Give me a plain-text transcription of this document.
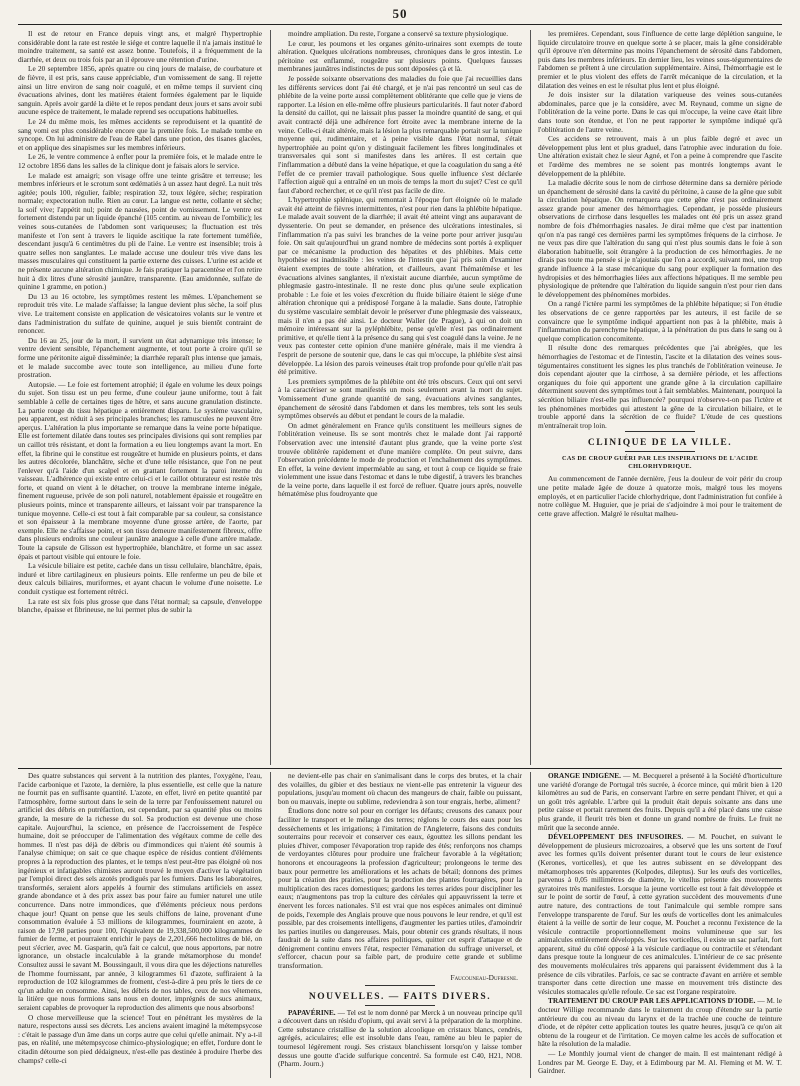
50

Il est de retour en France depuis vingt ans, et malgré l'hypertrophie considérable dont la rate est restée le siége et contre laquelle il n'a jamais institué le moindre traitement, sa santé est assez bonne. Toutefois, il a fréquemment de la diarrhée, et deux ou trois fois par an il éprouve une rétention d'urine.

Le 20 septembre 1856, après quatre ou cinq jours de malaise, de courbature et de fièvre, il est pris, sans cause appréciable, d'un vomissement de sang. Il rejette ainsi un litre environ de sang noir coagulé, et en même temps il survient cinq évacuations alvines, dont les matières étaient formées également par le liquide sanguin. Après avoir gardé la diète et le repos pendant deux jours et sans avoir subi aucune espèce de traitement, le malade reprend ses occupations habituelles.

Le 24 du même mois, les mêmes accidents se reproduisent et la quantité de sang vomi est plus considérable encore que la première fois. Le malade tombe en syncope. On lui administre de l'eau de Rabel dans une potion, des tisanes glacées, et on applique des sinapismes sur les membres inférieurs.

Le 26, le ventre commence à enfler pour la première fois, et le malade entre le 12 octobre 1856 dans les salles de la clinique dont je faisais alors le service.

Le malade est amaigri; son visage offre une teinte grisâtre et terreuse; les membres inférieurs et le scrotum sont œdématiés à un assez haut degré. La nuit très agitée; pouls 100, régulier, faible; respiration 32, toux légère, sèche; respiration normale; expectoration nulle. Rien au cœur. La langue est nette, collante et sèche; la soif vive; l'appétit nul; point de nausées, point de vomissement. Le ventre est fortement distendu par un liquide épanché (105 centim. au niveau de l'ombilic); les veines sous-cutanées de l'abdomen sont variqueuses; la fluctuation est très manifeste et l'on sent à travers le liquide ascitique la rate fortement tuméfiée, descendant jusqu'à 6 centimètres du pli de l'aine. Le ventre est insensible; trois à quatre selles non sanglantes. Le malade accuse une douleur très vive dans les masses musculaires qui constituent la partie externe des cuisses. L'urine est acide et ne présente aucune altération chimique. Je fais pratiquer la paracentèse et l'on retire huit à dix litres d'une sérosité jaunâtre, transparente. (Eau amidonnée, sulfate de quinine 1 gramme, en potion.)

Du 13 au 16 octobre, les symptômes restent les mêmes. L'épanchement se reproduit très vite. Le malade s'affaisse; la langue devient plus sèche, la soif plus vive. Le traitement consiste en application de vésicatoires volants sur le ventre et dans l'administration du sulfate de quinine, auquel je suis bientôt contraint de renoncer.

Du 16 au 25, jour de la mort, il survient un état adynamique très intense; le ventre devient sensible, l'épanchement augmente, et tout porte à croire qu'il se forme une péritonite aiguë disséminée; la diarrhée reparaît plus intense que jamais, et le malade succombe avec toute son intelligence, au milieu d'une forte prostration.

Autopsie. — Le foie est fortement atrophié; il égale en volume les deux poings du sujet. Son tissu est un peu ferme, d'une couleur jaune uniforme, tout à fait semblable à celle de certaines tiges de hêtre, et sans aucune granulation distincte. La partie rouge du tissu hépatique a entièrement disparu. Le système vasculaire, peu apparent, est réduit à ses principales branches; les ramuscules ne peuvent être aperçus. L'altération la plus importante se remarque dans la veine porte hépatique. Elle est fortement dilatée dans toutes ses principales divisions qui sont remplies par un caillot très résistant, et dont la formation a eu lieu longtemps avant la mort. En effet, la fibrine qui le constitue est rougeâtre et humide en plusieurs points, et dans les autres décolorée, blanchâtre, sèche et d'une telle résistance, que l'on ne peut l'enlever qu'à l'aide d'un scalpel et en grattant fortement la paroi interne du vaisseau. L'adhérence qui existe entre celui-ci et le caillot obturateur est restée très forte, et quand on vient à le détacher, on trouve la membrane interne inégale, finement rugueuse, privée de son poli naturel, notablement épaissie et rougeâtre en plusieurs points, mince et transparente ailleurs, et laissant voir par transparence la tunique moyenne. Celle-ci est tout à fait comparable par sa couleur, sa consistance et son épaisseur à la membrane moyenne d'une grosse artère, de l'aorte, par exemple. Elle ne s'affaisse point, et son tissu demeure manifestement fibreux, offre dans plusieurs endroits une couleur jaunâtre analogue à celle d'une artère malade. Toute la capsule de Glisson est hypertrophiée, blanchâtre, et forme un sac assez épais et partout visible qui entoure le foie.

La vésicule biliaire est petite, cachée dans un tissu cellulaire, blanchâtre, épais, induré et libre cartilagineux en plusieurs points. Elle renferme un peu de bile et deux calculs biliaires, muriformes, et ayant chacun le volume d'une noisette. Le conduit cystique est fortement rétréci.

La rate est six fois plus grosse que dans l'état normal; sa capsule, d'enveloppe blanche, épaisse et fibrineuse, ne lui permet plus de subir la

moindre ampliation. Du reste, l'organe a conservé sa texture physiologique.

Le cœur, les poumons et les organes génito-urinaires sont exempts de toute altération. Quelques ulcérations nombreuses, chroniques dans le gros intestin. Le péritoine est enflammé, rougeâtre sur plusieurs points. Quelques fausses membranes jaunâtres indistinctes de pus sont déposées çà et là.

Je possède soixante observations des maladies du foie que j'ai recueillies dans les différents services dont j'ai été chargé, et je n'ai pas rencontré un seul cas de phlébite de la veine porte aussi complètement oblitérante que celle que je viens de rapporter. La lésion en elle-même offre plusieurs particularités. Il faut noter d'abord la densité du caillot, qui ne laissait plus passer la moindre quantité de sang, et qui avait contracté déjà une adhérence fort étroite avec la membrane interne de la veine. Celle-ci était altérée, mais la lésion la plus remarquable portait sur la tunique moyenne qui, rudimentaire, et à peine visible dans l'état normal, s'était hypertrophiée au point qu'on y distinguait facilement les fibres longitudinales et transversales qui sont si manifestes dans les artères. Il est certain que l'inflammation a débuté dans la veine hépatique, et que la coagulation du sang a été l'effet de ce premier travail pathologique. Sous quelle influence s'est déclarée l'affection aiguë qui a entraîné en un mois de temps la mort du sujet? C'est ce qu'il faut d'abord rechercher, et ce qu'il n'est pas facile de dire.

L'hypertrophie splénique, qui remontait à l'époque fort éloignée où le malade avait été atteint de fièvres intermittentes, n'est pour rien dans la phlébite hépatique. Le malade avait souvent de la diarrhée; il avait été atteint vingt ans auparavant de dyssenterie. On peut se demander, en présence des ulcérations intestinales, si l'inflammation n'a pas suivi les branches de la veine porte pour arriver jusqu'au foie. On sait qu'aujourd'hui un grand nombre de médecins sont portés à expliquer par ce mécanisme la production des hépatites et des phlébites. Mais cette hypothèse est inadmissible : les veines de l'intestin que j'ai pris soin d'examiner étaient exemptes de toute altération, et d'ailleurs, avant l'hématémèse et les évacuations alvines sanglantes, il n'existait aucune diarrhée, aucun symptôme de phlegmasie gastro-intestinale. Il ne reste donc plus qu'une seule explication probable : Le foie et les voies d'excrétion du fluide biliaire étaient le siége d'une altération chronique qui a prédisposé l'organe à la maladie. Sans doute, l'atrophie du système vasculaire semblait devoir le préserver d'une phlegmasie des vaisseaux, mais il n'en a pas été ainsi. Le docteur Waller (de Prague), à qui on doit un mémoire intéressant sur la pyléphlébite, pense qu'elle n'est pas ordinairement primitive, et qu'elle tient à la présence du sang qui s'est coagulé dans la veine. Je ne veux pas contester cette opinion d'une manière générale, mais il me viendra à l'esprit de persone de soutenir que, dans le cas qui m'occupe, la phlébite s'est ainsi développée. La lésion des parois veineuses était trop profonde pour qu'elle n'ait pas été primitive.

Les premiers symptômes de la phlébite ont été très obscurs. Ceux qui ont servi à la caractériser se sont manifestés un mois seulement avant la mort du sujet. Vomissement d'une grande quantité de sang, évacuations alvines sanglantes, épanchement de sérosité dans l'abdomen et dans les membres, tels sont les seuls symptômes observés au début et pendant le cours de la maladie.

On admet généralement en France qu'ils constituent les meilleurs signes de l'oblitération veineuse. Ils se sont montrés chez le malade dont j'ai rapporté l'observation avec une intensité d'autant plus grande, que la veine porte s'est trouvée oblitérée rapidement et d'une manière complète. On peut suivre, dans l'observation précédente le mode de production et l'enchaînement des symptômes. En effet, la veine devient imperméable au sang, et tout à coup ce liquide se fraie violemment une issue dans l'estomac et dans le tube digestif, à travers les branches de la veine porte, dans laquelle il est forcé de refluer. Quatre jours après, nouvelle hématémèse plus foudroyante que

les premières. Cependant, sous l'influence de cette large déplétion sanguine, le liquide circulatoire trouve en quelque sorte à se placer, mais la gêne considérable qu'il éprouve n'en détermine pas moins l'épanchement de sérosité dans l'abdomen, puis dans les membres inférieurs. En dernier lieu, les veines sous-tégumentaires de l'abdomen se prêtent à une circulation supplémentaire. Ainsi, l'hémorrhagie est le premier et le plus violent des effets de l'arrêt mécanique de la circulation, et la dilatation des veines en est le résultat plus lent et plus éloigné.

Je dois insister sur la dilatation variqueuse des veines sous-cutanées abdominales, parce que je la considère, avec M. Reynaud, comme un signe de l'oblitération de la veine porte. Dans le cas qui m'occupe, la veine cave était libre dans toute son étendue, et l'on ne peut rapporter le symptôme indiqué qu'à l'oblitération de l'autre veine.

Ces accidens se retrouvent, mais à un plus faible degré et avec un développement plus lent et plus graduel, dans l'atrophie avec induration du foie. Une altération existait chez le sieur Agné, et l'on a peine à comprendre que l'ascite et l'œdème des membres ne se soient pas montrés longtemps avant le développement de la phlébite.

La maladie décrite sous le nom de cirrhose détermine dans sa dernière période un épanchement de sérosité dans la cavité du péritoine, à cause de la gêne que subit la circulation hépatique. On remarquera que cette gêne n'est pas ordinairement assez grande pour amener des hémorrhagies. Cependant, je possède plusieurs observations de cirrhose dans lesquelles les malades ont été pris un assez grand nombre de fois d'hémorrhagies nasales. Je dirai même que c'est par inattention qu'on n'a pas rangé ces dernières parmi les symptômes fréquens de la cirrhose. Je ne veux pas dire que l'altération du sang qui n'est plus soumis dans le foie à son élaboration habituelle, soit étrangère à la production de ces hémorrhagies. Je ne dirais pas toute ma pensée si je n'ajoutais que l'on a accordé, suivant moi, une trop grande influence à la stase mécanique du sang pour expliquer la formation des hydropisies et des hémorrhagies liées aux affections hépatiques. Il me semble peu physiologique de prétendre que l'altération du liquide sanguin n'est pour rien dans le développement des phénomènes morbides.

On a rangé l'ictère parmi les symptômes de la phlébite hépatique; si l'on étudie les observations de ce genre rapportées par les auteurs, il est facile de se convaincre que le symptôme indiqué appartient non pas à la phlébite, mais à l'inflammation du parenchyme hépatique, à la pénétration du pus dans le sang ou à quelque complication concomitente.

Il résulte donc des remarques précédentes que j'ai abrégées, que les hémorrhagies de l'estomac et de l'intestin, l'ascite et la dilatation des veines sous-tégumentaires constituent les signes les plus tranchés de l'oblitération veineuse. Je dois cependant ajouter que la cirrhose, à sa dernière période, et les affections organiques du foie qui apportent une grande gêne à la circulation capillaire déterminent souvent des symptômes tout à fait semblables. Maintenant, pourquoi la sécrétion biliaire n'est-elle pas influencée? pourquoi n'observe-t-on pas l'ictère et les phénomènes morbides qui attestent la gêne de la circulation biliaire, et le trouble apporté dans la sécrétion de ce fluide? L'étude de ces questions m'entraînerait trop loin.

CLINIQUE DE LA VILLE.
CAS DE CROUP GUÉRI PAR LES INSPIRATIONS DE L'ACIDE CHLORHYDRIQUE.

Au commencement de l'année dernière, j'eus la douleur de voir périr du croup une petite malade âgée de douze à quatorze mois, malgré tous les moyens employés, et en particulier l'acide chlorhydrique, dont l'administration fut confiée à notre collègue M. Huguier, que je priai de s'adjoindre à moi pour le traitement de cette grave affection. Malgré le résultat malheu-

Des quatre substances qui servent à la nutrition des plantes, l'oxygène, l'eau, l'acide carbonique et l'azote, la dernière, la plus essentielle, est celle que la nature ne fournit pas en suffisante quantité. L'azote, en effet, livré en petite quantité par l'atmosphère, forme surtout dans le sein de la terre par l'enfouissement naturel ou artificiel des débris en putréfaction, est cependant, par sa quantité plus ou moins grande, la mesure de la richesse du sol. Sa production est devenue une chose capitale. Aujourd'hui, la science, en présence de l'accroissement de l'espèce humaine, doit se préoccuper de l'alimentation des végétaux comme de celle des hommes. Il n'est pas déjà de débris ou d'immondices qui n'aient été soumis à l'analyse chimique; on sait ce que chaque espèce de résidus contient d'éléments propres à la reproduction des plantes, et le temps n'est peut-être pas éloigné où nos ingénieux et infatigables chimistes auront trouvé le moyen d'activer la végétation par l'emploi direct des sels azotés prodigués par les fumiers. Dans les laboratoires, transformés, seraient alors appelés à fournir des stimulans artificiels en assez grande abondance et à des prix assez bas pour faire au fumier naturel une utile concurrence. Dans notre immondices, que d'éléments précieux nous perdons chaque jour! Quant on pense que les seuls chiffons de laine, provenant d'une consommation évaluée à 53 millions de kilogrammes, fourniraient en azote, à raison de 17,98 parties pour 100, l'équivalent de 19,338,500,000 kilogrammes de fumier de ferme, et pourraient enrichir le pays de 2,201,666 hectolitres de blé, on peut s'écrier, avec M. Gasparin, qu'à fait ce calcul, que nous apportons, par notre ignorance, un obstacle incalculable à la grande métamorphose du monde! Consultez aussi le savant M. Boussingault, il vous dira que les déjections naturelles de l'homme fournissant, par année, 3 kilogrammes 61 d'azote, suffiraient à la reproduction de 102 kilogrammes de froment, c'est-à-dire à peu près le tiers de ce qu'un adulte en consomme. Ainsi, les débris de nos tables, ceux de nos vêtemens, la litière que nous formions sans nous en douter, imprégnés de sucs animaux, seraient capables de provoquer la reproduction des aliments que nous absorbons!

O chose merveilleuse que la science! Tout en pénétrant les mystères de la nature, respectons aussi ses décrets. Les anciens avaient imaginé la métempsycose : c'était le passage d'un âme dans un corps autre que celui qu'elle animait. N'y a-t-il pas, en réalité, une métempsycose chimico-physiologique; en effet, l'ordure dont le citadin détourne son pied dédaigneux, n'est-elle pas destinée à produire l'herbe des champs? celle-ci

ne devient-elle pas chair en s'animalisant dans le corps des brutes, et la chair des volailles, du gibier et des bestiaux ne vient-elle pas entretenir la vigueur des populations, jusqu'au moment où chacun des mangeurs de chair, faible ou puissant, bon ou mauvais, inepte ou sublime, redeviendra à son tour engrais, herbe, aliment?

Étudions donc notre sol pour en corriger les défauts; creusons des canaux pour faciliter le transport et le mélange des terres; réglons le cours des eaux pour les dessèchements et les irrigations; à l'imitation de l'Angleterre, faisons des conduits souterrains pour recevoir et conserver ces eaux, égouttez les sillons pendant les pluies d'hiver, composer l'évaporation trop rapide des étés; renforçons nos champs de verdoyantes clôtures pour produire une fraîcheur favorable à la végétation; honorons et encourageons la profession d'agriculteur; prolongeons le terme des baux pour permettre les améliorations et les achats de bétail; donnons des primes pour la création des prairies, pour la production des plantes fourragères, pour la multiplication des races domestiques; gardons les terres arides pour discipliner les eaux; n'augmentons pas trop la culture des céréales qui appauvrissent la terre et énervent les forces nationales. S'il est vrai que nos espèces animales ont diminué de poids, l'exemple des Anglais prouve que nous pouvons le leur rendre, et qu'il est possible, par des croisements intelligens, d'augmenter les parties utiles, d'amoindrir les parties inutiles ou dangereuses. Mais, pour obtenir ces grands résultats, il nous faudrait de la suite dans nos affaires politiques, quitter cet esprit d'attaque et de dénigrement continu envers l'état, respecter l'émanation du suffrage universel, et s'efforcer, chacun pour sa faible part, de produire cette grande et sublime transformation.

Faucouneau-Dufresne.
NOUVELLES. — FAITS DIVERS.

PAPAVÉRINE. — Tel est le nom donné par Merck à un nouveau principe qu'il a découvert dans un résidu d'opium, qui avait servi à la préparation de la morphine. Cette substance cristallise de la solution alcoolique en cristaux blancs, cendrés, agrégés, aciculaires; elle est insoluble dans l'eau, ramène au bleu le papier de tournesol légèrement rougi. Ses cristaux blanchissent lorsqu'on y laisse tomber dessus une goutte d'acide sulfurique concentré. Sa formule est C40, H21, NO8. (Pharm. Journ.)

ORANGE INDIGÈNE. — M. Becquerel a présenté à la Société d'horticulture une variété d'orange de Portugal très sucrée, à écorce mince, qui mûrit bien à 120 kilomètres au sud de Paris, en conservant l'arbre en serre pendant l'hiver, et qui a un goût très agréable. L'arbre qui la produit était depuis soixante ans dans une petite caisse et portait rarement des fruits. Depuis qu'il a été placé dans une caisse plus grande, il fleurit très bien et donne un grand nombre de fruits. Le fruit ne mûrit que la seconde année.

DÉVELOPPEMENT DES INFUSOIRES. — M. Pouchet, en suivant le développement de plusieurs microzoaires, a observé que les uns sortent de l'œuf avec les formes qu'ils doivent présenter durant tout le cours de leur existence (Kerones, vorticelles), et que les autres subissent en se développant des métamorphoses très apparentes (Kolpodes, dileptus). Sur les œufs des vorticelles, parvenus à 0,05 millimètres de diamètre, le vitellus présente des mouvements gyratoires très manifestes. Lorsque la jeune vorticelle est tout à fait développée et sur le point de sortir de l'œuf, à cette gyration succèdent des mouvements d'une autre nature, des contractions de tout l'animalcule qui semble rompre sans l'enveloppe transparente de l'œuf. Sur les œufs de vorticelles dont les animalcules étaient à la veille de sortir de leur coque, M. Pouchet a reconnu l'existence de la vésicule contractile proportionnellement moins volumineuse que sur les animalcules entièrement développés. Sur les vorticelles, il existe un sac parfait, fort apparent, situé du côté opposé à la vésicule cardiaque ou contractile et s'étendant dans presque toute la longueur de ces animalcules. L'intérieur de ce sac présente des mouvements moléculaires très apparens qui paraissent évidemment dus à la présence de cils vibratiles. Parfois, ce sac se contracte d'avant en arrière et semble transporter dans cette direction une masse en mouvement très distincte des vésicules stomacales qu'elle refoule. Ce sac est l'organe respiratoire.

TRAITEMENT DU CROUP PAR LES APPLICATIONS D'IODE. — M. le docteur Willige recommande dans le traitement du croup d'étendre sur la partie antérieure du cou au niveau du larynx et de la trachée une couche de teinture d'iode, et de répéter cette application toutes les quatre heures, jusqu'à ce qu'on ait obtenu de la rougeur et de l'irritation. Ce moyen calme les accès de suffocation et hâte la résolution de la maladie.

— Le Monthly journal vient de changer de main. Il est maintenant rédigé à Londres par M. George E. Day, et à Edimbourg par M. Al. Fleming et M. W. T. Gairdner.
